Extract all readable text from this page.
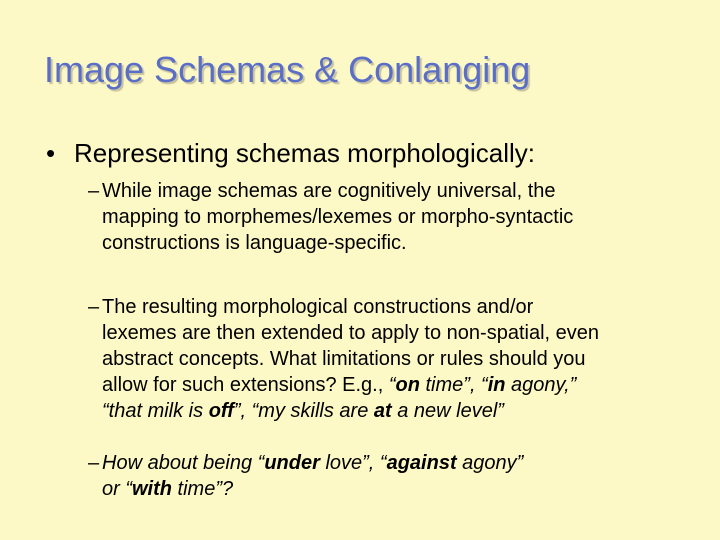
Image Schemas & Conlanging
• Representing schemas morphologically:
– While image schemas are cognitively universal, the
mapping to morphemes/lexemes or morpho-syntactic
constructions is language-specific.
– The resulting morphological constructions and/or
lexemes are then extended to apply to non-spatial, even
abstract concepts. What limitations or rules should you
allow for such extensions? E.g., “on time”, “in agony,”
“that milk is off”, “my skills are at a new level”
– How about being “under love”, “against agony”
or “with time”?
